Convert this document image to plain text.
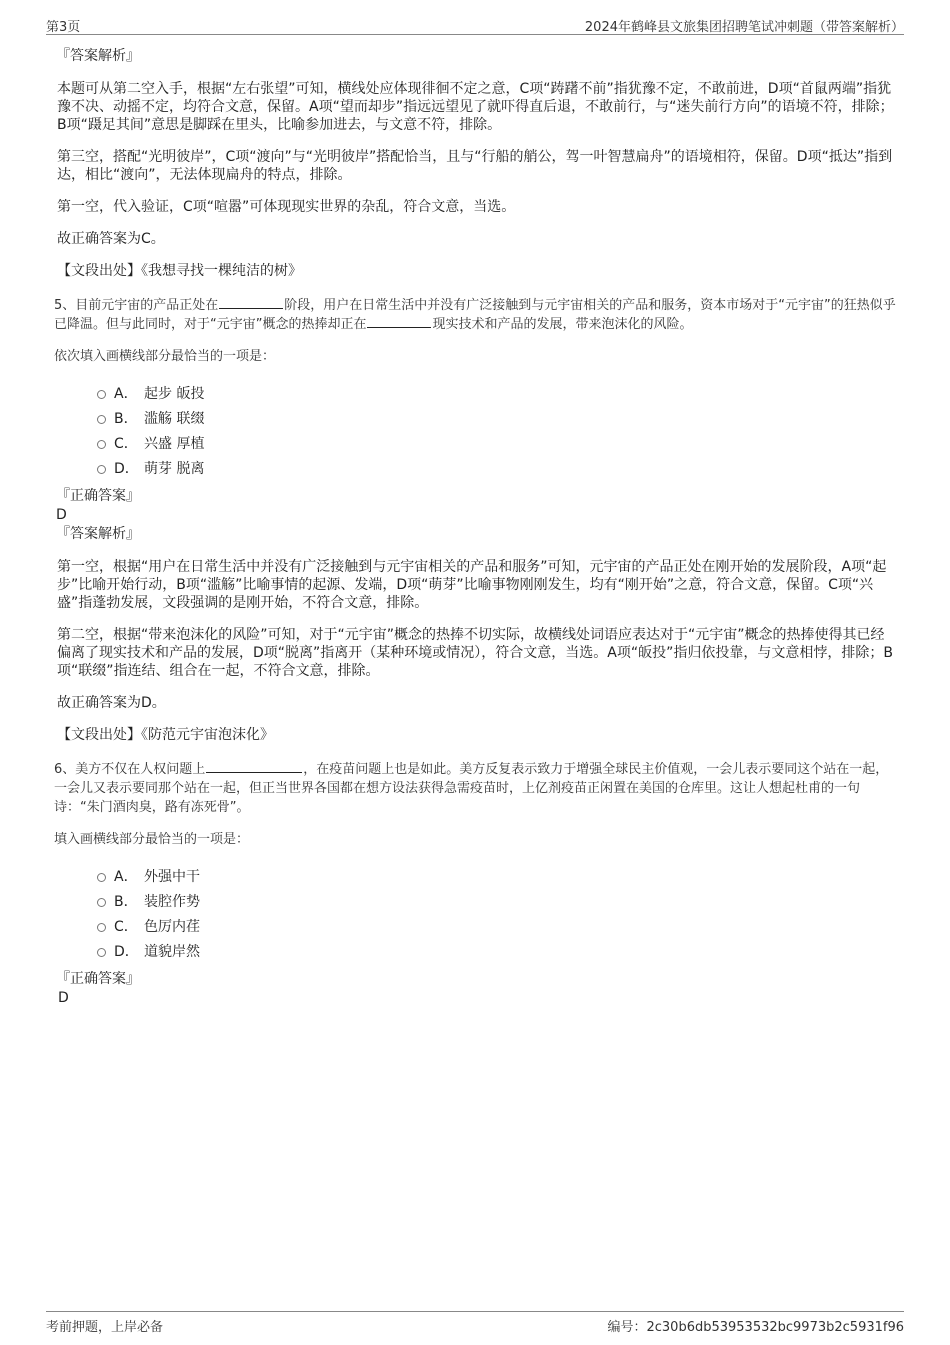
第3页	2024年鹤峰县文旅集团招聘笔试冲刺题（带答案解析）

『答案解析』

本题可从第二空入手，根据“左右张望”可知，横线处应体现徘徊不定之意，C项“踌躇不前”指犹豫不定，不敢前进，D项“首鼠两端”指犹豫不决、动摇不定，均符合文意，保留。A项“望而却步”指远远望见了就吓得直后退，不敢前行，与“迷失前行方向”的语境不符，排除；B项“蹑足其间”意思是脚踩在里头，比喻参加进去，与文意不符，排除。

第三空，搭配“光明彼岸”，C项“渡向”与“光明彼岸”搭配恰当，且与“行船的艄公，驾一叶智慧扁舟”的语境相符，保留。D项“抵达”指到达，相比“渡向”，无法体现扁舟的特点，排除。

第一空，代入验证，C项“喧嚣”可体现现实世界的杂乱，符合文意，当选。

故正确答案为C。

【文段出处】《我想寻找一棵纯洁的树》

5、目前元宇宙的产品正处在	阶段，用户在日常生活中并没有广泛接触到与元宇宙相关的产品和服务，资本市场对于“元宇宙”的狂热似乎已降温。但与此同时，对于“元宇宙”概念的热捧却正在	现实技术和产品的发展，带来泡沫化的风险。

依次填入画横线部分最恰当的一项是：

A． 起步 皈投
B． 滥觞 联缀
C． 兴盛 厚植
D． 萌芽 脱离

『正确答案』

D

『答案解析』

第一空，根据“用户在日常生活中并没有广泛接触到与元宇宙相关的产品和服务”可知，元宇宙的产品正处在刚开始的发展阶段，A项“起步”比喻开始行动，B项“滥觞”比喻事情的起源、发端，D项“萌芽”比喻事物刚刚发生，均有“刚开始”之意，符合文意，保留。C项“兴盛”指蓬勃发展，文段强调的是刚开始，不符合文意，排除。

第二空，根据“带来泡沫化的风险”可知，对于“元宇宙”概念的热捧不切实际，故横线处词语应表达对于“元宇宙”概念的热捧使得其已经偏离了现实技术和产品的发展，D项“脱离”指离开（某种环境或情况），符合文意，当选。A项“皈投”指归依投靠，与文意相悖，排除；B项“联缀”指连结、组合在一起，不符合文意，排除。

故正确答案为D。

【文段出处】《防范元宇宙泡沫化》

6、美方不仅在人权问题上	，在疫苗问题上也是如此。美方反复表示致力于增强全球民主价值观，一会儿表示要同这个站在一起，一会儿又表示要同那个站在一起，但正当世界各国都在想方设法获得急需疫苗时，上亿剂疫苗正闲置在美国的仓库里。这让人想起杜甫的一句诗：“朱门酒肉臭，路有冻死骨”。

填入画横线部分最恰当的一项是：

A． 外强中干
B． 装腔作势
C． 色厉内荏
D． 道貌岸然

『正确答案』

D

考前押题，上岸必备	编号：2c30b6db53953532bc9973b2c5931f96
